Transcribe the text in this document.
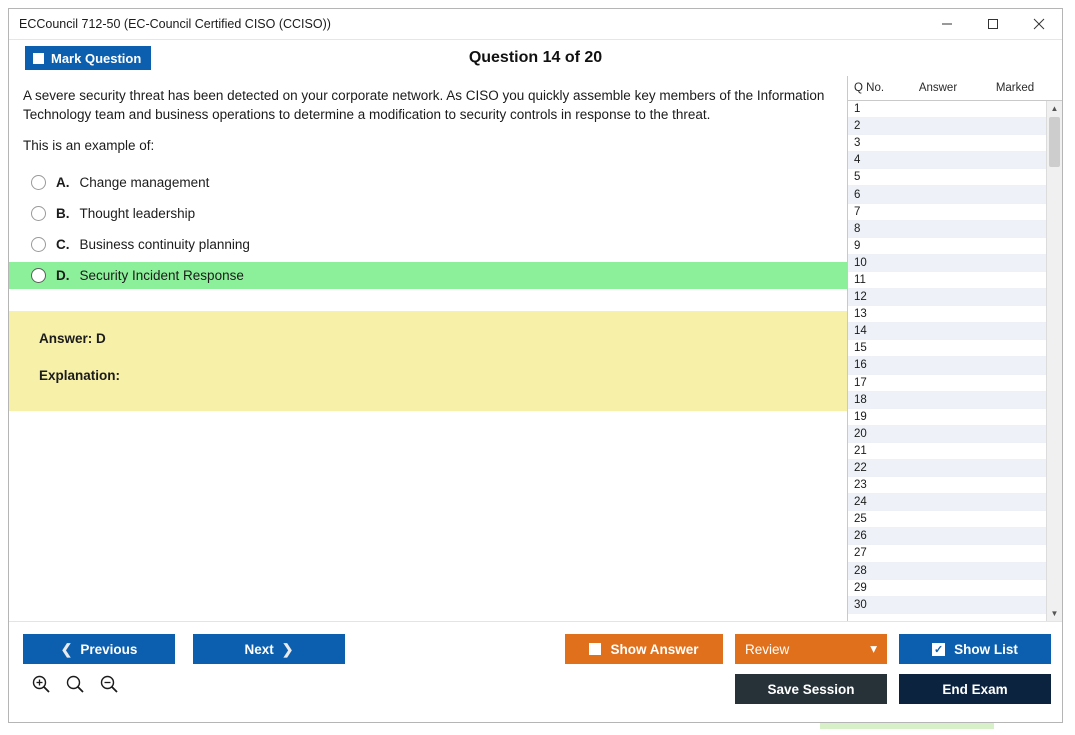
ECCouncil 712-50 (EC-Council Certified CISO (CCISO))
Mark Question	Question 14 of 20
A severe security threat has been detected on your corporate network. As CISO you quickly assemble key members of the Information Technology team and business operations to determine a modification to security controls in response to the threat.
This is an example of:
A. Change management
B. Thought leadership
C. Business continuity planning
D. Security Incident Response
Answer: D
Explanation:
Q No.	Answer	Marked
1
2
3
4
5
6
7
8
9
10
11
12
13
14
15
16
17
18
19
20
21
22
23
24
25
26
27
28
29
30
▲
▼
❮ Previous	Next ❯	Show Answer	Review	▾	✓ Show List
Save Session	End Exam
